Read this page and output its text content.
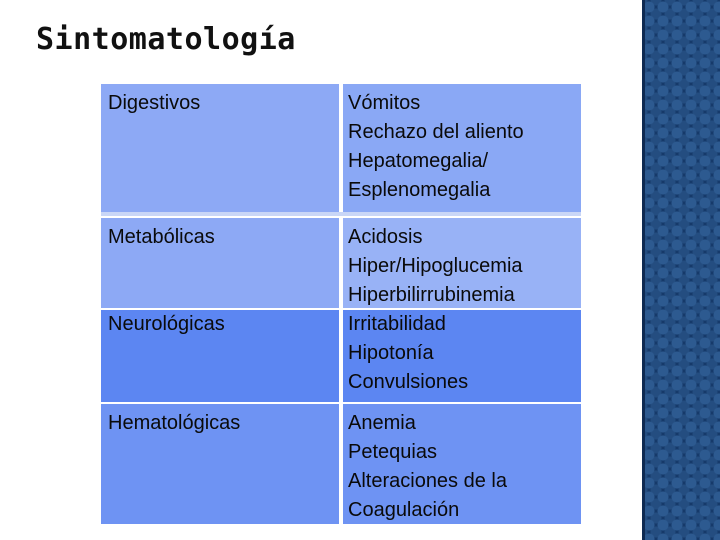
Sintomatología
Digestivos	Vómitos
Rechazo del aliento
Hepatomegalia/
Esplenomegalia
Metabólicas	Acidosis
Hiper/Hipoglucemia
Hiperbilirrubinemia
Neurológicas	Irritabilidad
Hipotonía
Convulsiones
Hematológicas	Anemia
Petequias
Alteraciones de la
Coagulación
